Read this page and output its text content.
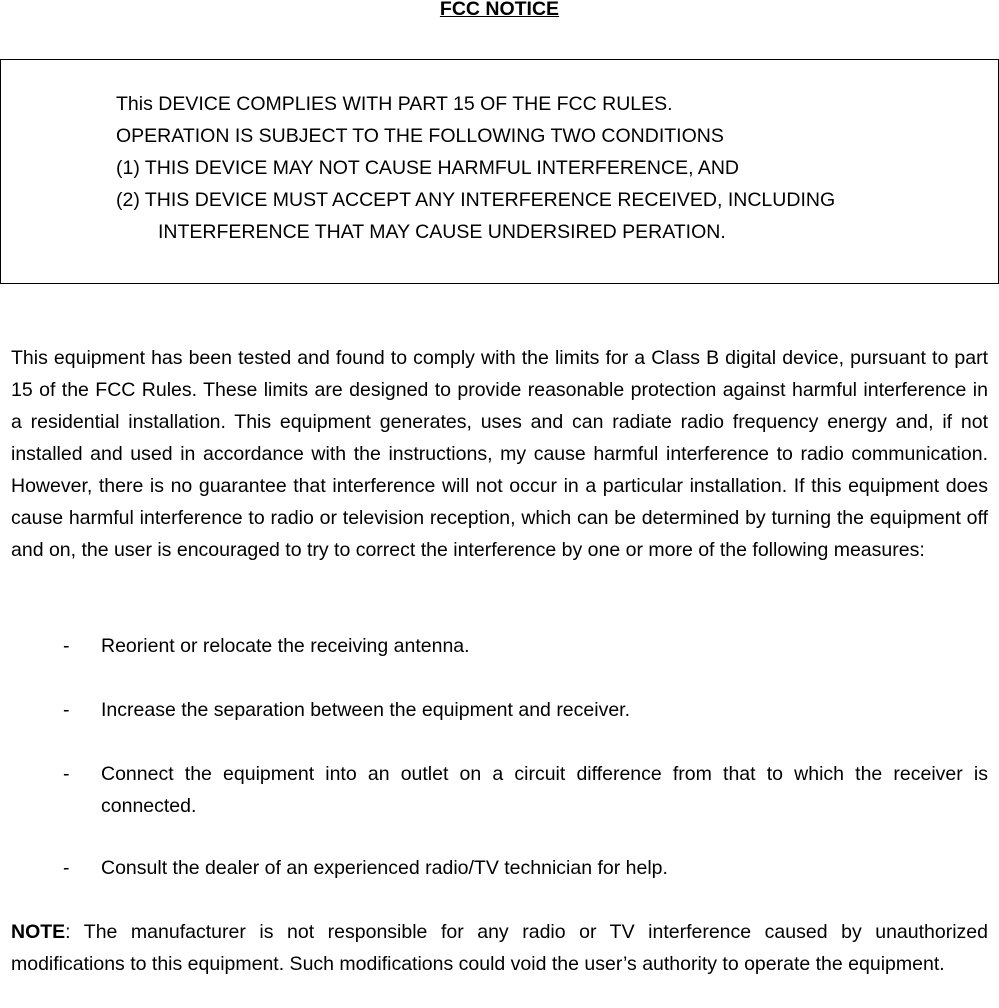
FCC NOTICE
This DEVICE COMPLIES WITH PART 15 OF THE FCC RULES.
OPERATION IS SUBJECT TO THE FOLLOWING TWO CONDITIONS
(1) THIS DEVICE MAY NOT CAUSE HARMFUL INTERFERENCE, AND
(2) THIS DEVICE MUST ACCEPT ANY INTERFERENCE RECEIVED, INCLUDING
INTERFERENCE THAT MAY CAUSE UNDERSIRED PERATION.

This equipment has been tested and found to comply with the limits for a Class B digital device, pursuant to part 15 of the FCC Rules. These limits are designed to provide reasonable protection against harmful interference in a residential installation. This equipment generates, uses and can radiate radio frequency energy and, if not installed and used in accordance with the instructions, my cause harmful interference to radio communication. However, there is no guarantee that interference will not occur in a particular installation. If this equipment does cause harmful interference to radio or television reception, which can be determined by turning the equipment off and on, the user is encouraged to try to correct the interference by one or more of the following measures:

- Reorient or relocate the receiving antenna.
- Increase the separation between the equipment and receiver.
- Connect the equipment into an outlet on a circuit difference from that to which the receiver is connected.
- Consult the dealer of an experienced radio/TV technician for help.

NOTE: The manufacturer is not responsible for any radio or TV interference caused by unauthorized modifications to this equipment. Such modifications could void the user’s authority to operate the equipment.
